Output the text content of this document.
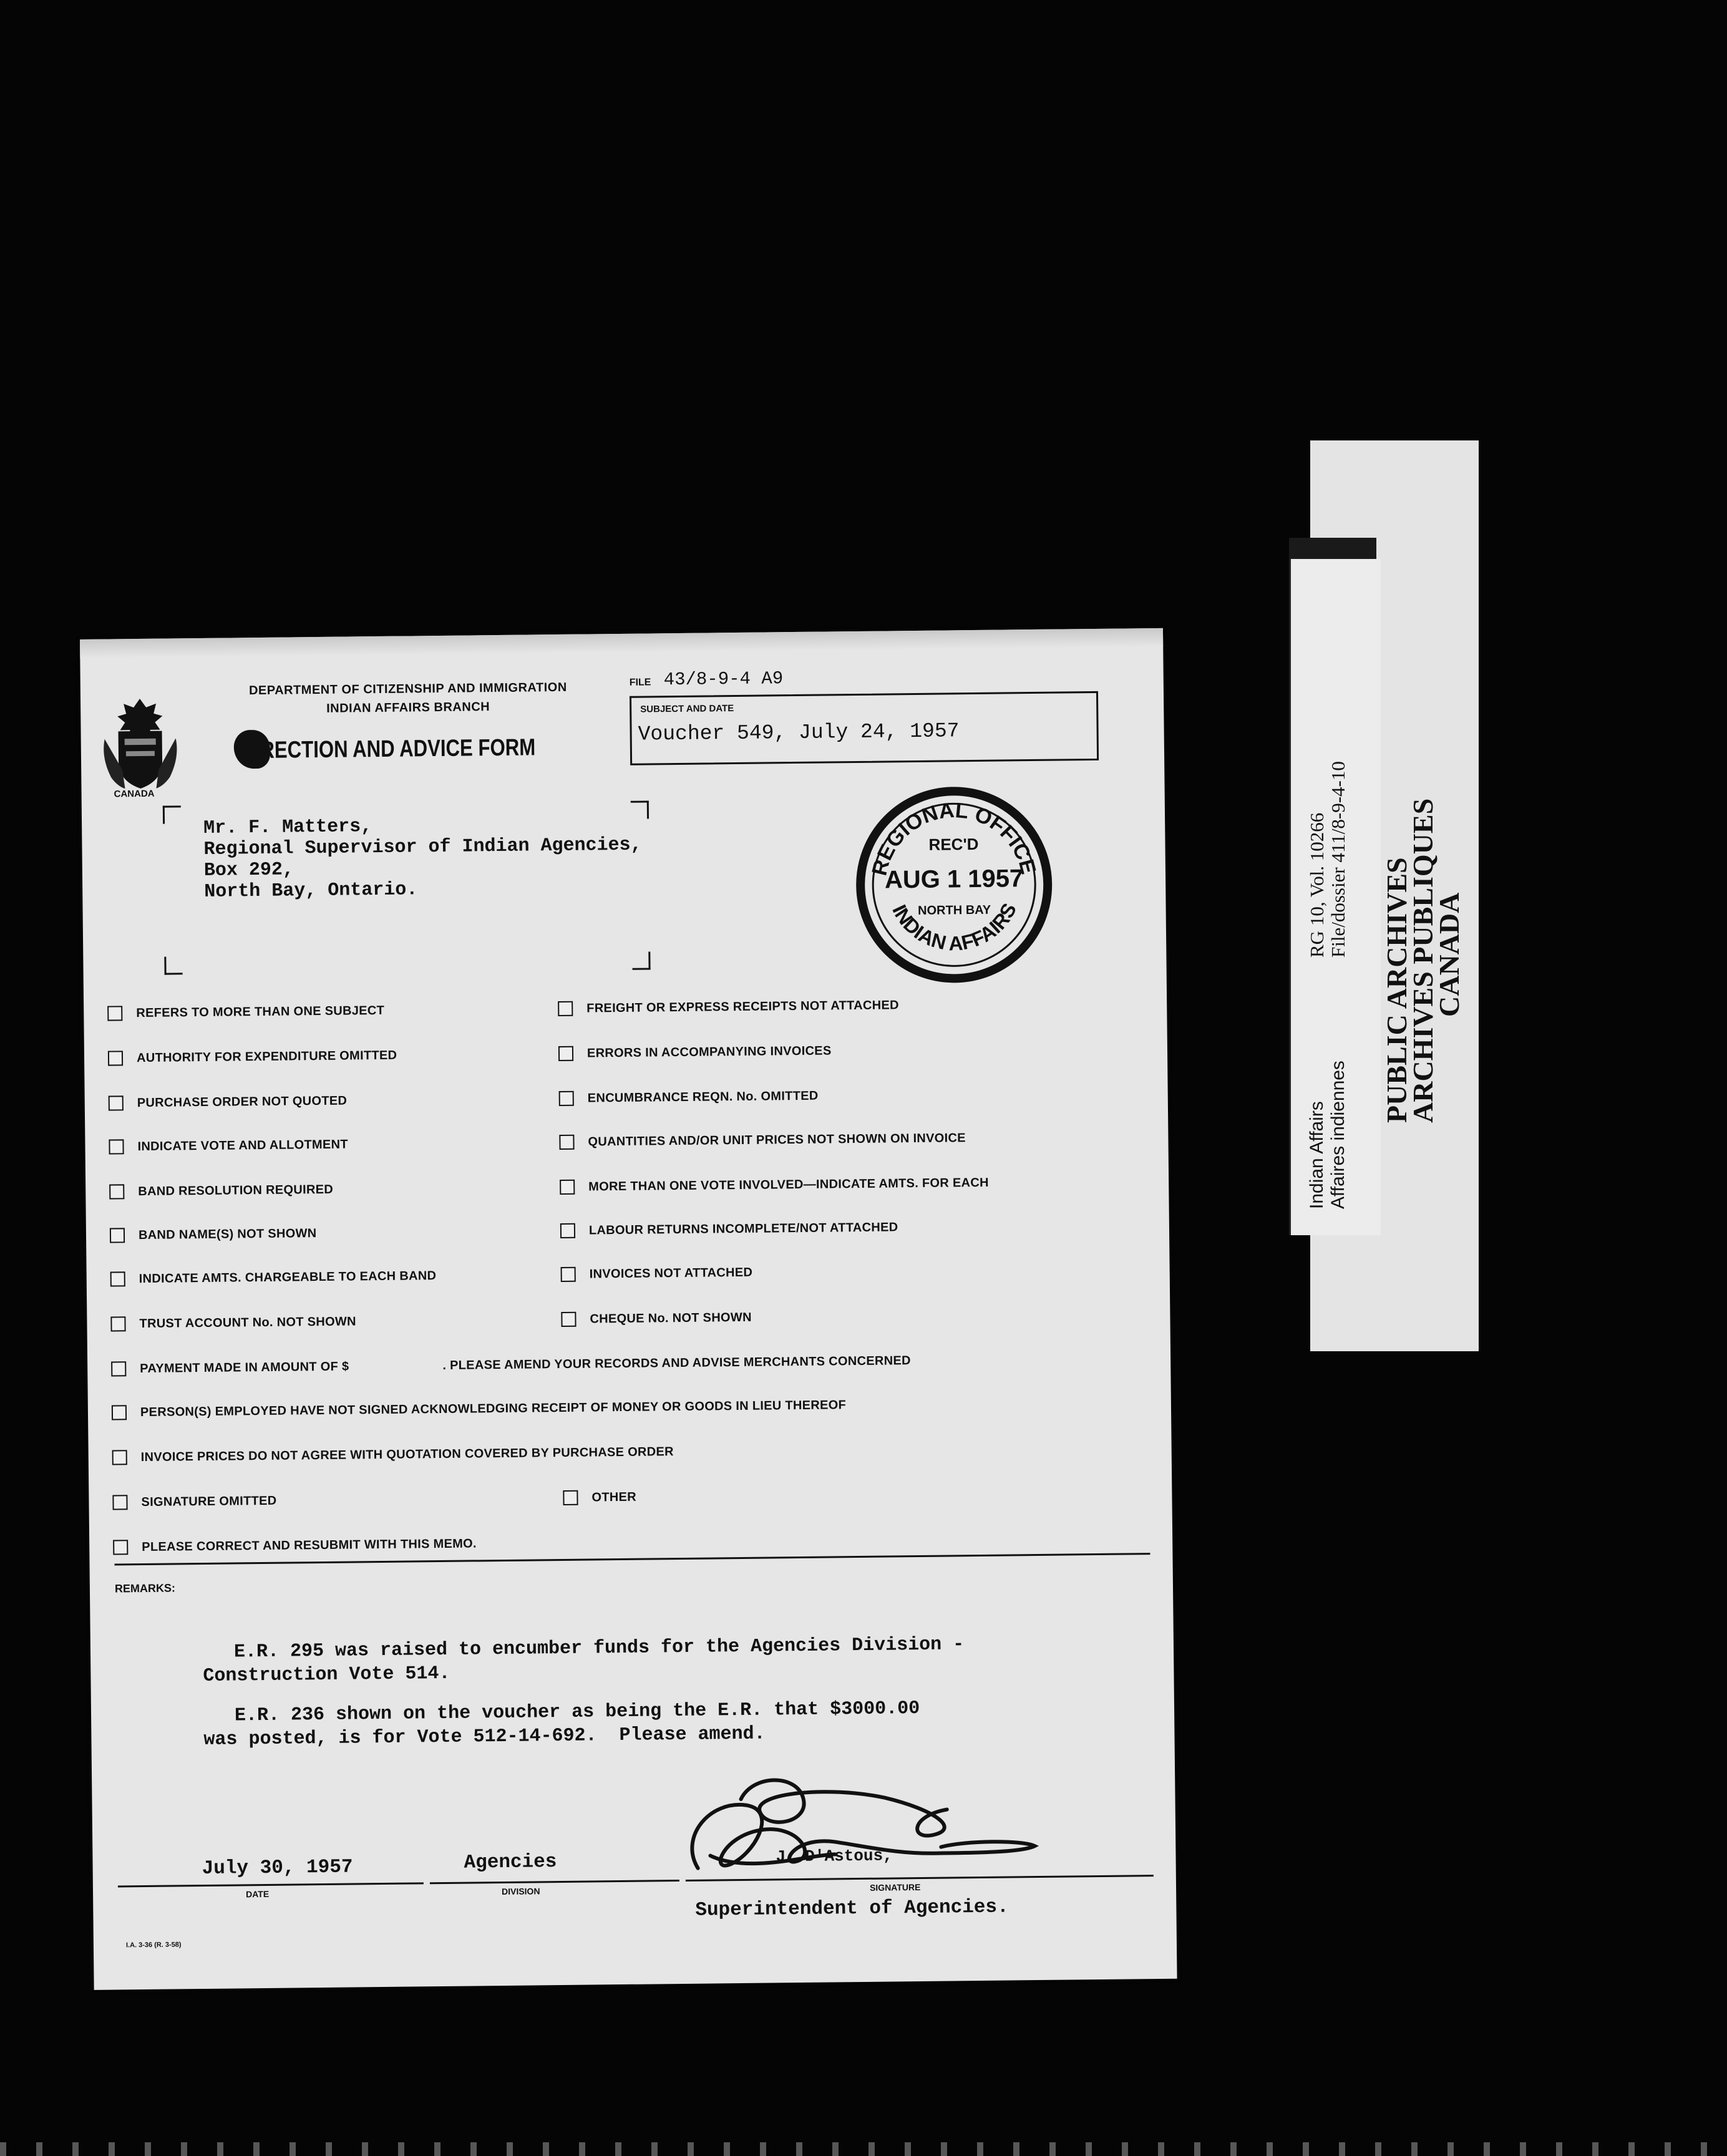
CANADA
DEPARTMENT OF CITIZENSHIP AND IMMIGRATION
INDIAN AFFAIRS BRANCH
RRECTION AND ADVICE FORM
FILE 43/8-9-4 A9
SUBJECT AND DATE
Voucher 549, July 24, 1957
Mr. F. Matters,
Regional Supervisor of Indian Agencies,
Box 292,
North Bay, Ontario.
REGIONAL OFFICE
REC'D
AUG 1 1957
NORTH BAY
INDIAN AFFAIRS
REFERS TO MORE THAN ONE SUBJECT
AUTHORITY FOR EXPENDITURE OMITTED
PURCHASE ORDER NOT QUOTED
INDICATE VOTE AND ALLOTMENT
BAND RESOLUTION REQUIRED
BAND NAME(S) NOT SHOWN
INDICATE AMTS. CHARGEABLE TO EACH BAND
TRUST ACCOUNT No. NOT SHOWN
FREIGHT OR EXPRESS RECEIPTS NOT ATTACHED
ERRORS IN ACCOMPANYING INVOICES
ENCUMBRANCE REQN. No. OMITTED
QUANTITIES AND/OR UNIT PRICES NOT SHOWN ON INVOICE
MORE THAN ONE VOTE INVOLVED—INDICATE AMTS. FOR EACH
LABOUR RETURNS INCOMPLETE/NOT ATTACHED
INVOICES NOT ATTACHED
CHEQUE No. NOT SHOWN
PAYMENT MADE IN AMOUNT OF $	. PLEASE AMEND YOUR RECORDS AND ADVISE MERCHANTS CONCERNED
PERSON(S) EMPLOYED HAVE NOT SIGNED ACKNOWLEDGING RECEIPT OF MONEY OR GOODS IN LIEU THEREOF
INVOICE PRICES DO NOT AGREE WITH QUOTATION COVERED BY PURCHASE ORDER
SIGNATURE OMITTED	OTHER
PLEASE CORRECT AND RESUBMIT WITH THIS MEMO.
REMARKS:
E.R. 295 was raised to encumber funds for the Agencies Division -
Construction Vote 514.
E.R. 236 shown on the voucher as being the E.R. that $3000.00
was posted, is for Vote 512-14-692.  Please amend.
July 30, 1957
DATE
Agencies
DIVISION
J. D'Astous,
SIGNATURE
Superintendent of Agencies.
I.A. 3-36 (R. 3-58)
PUBLIC ARCHIVES
ARCHIVES PUBLIQUES
CANADA
Indian Affairs Affaires indiennes
RG 10, Vol. 10266 File/dossier 411/8-9-4-10
